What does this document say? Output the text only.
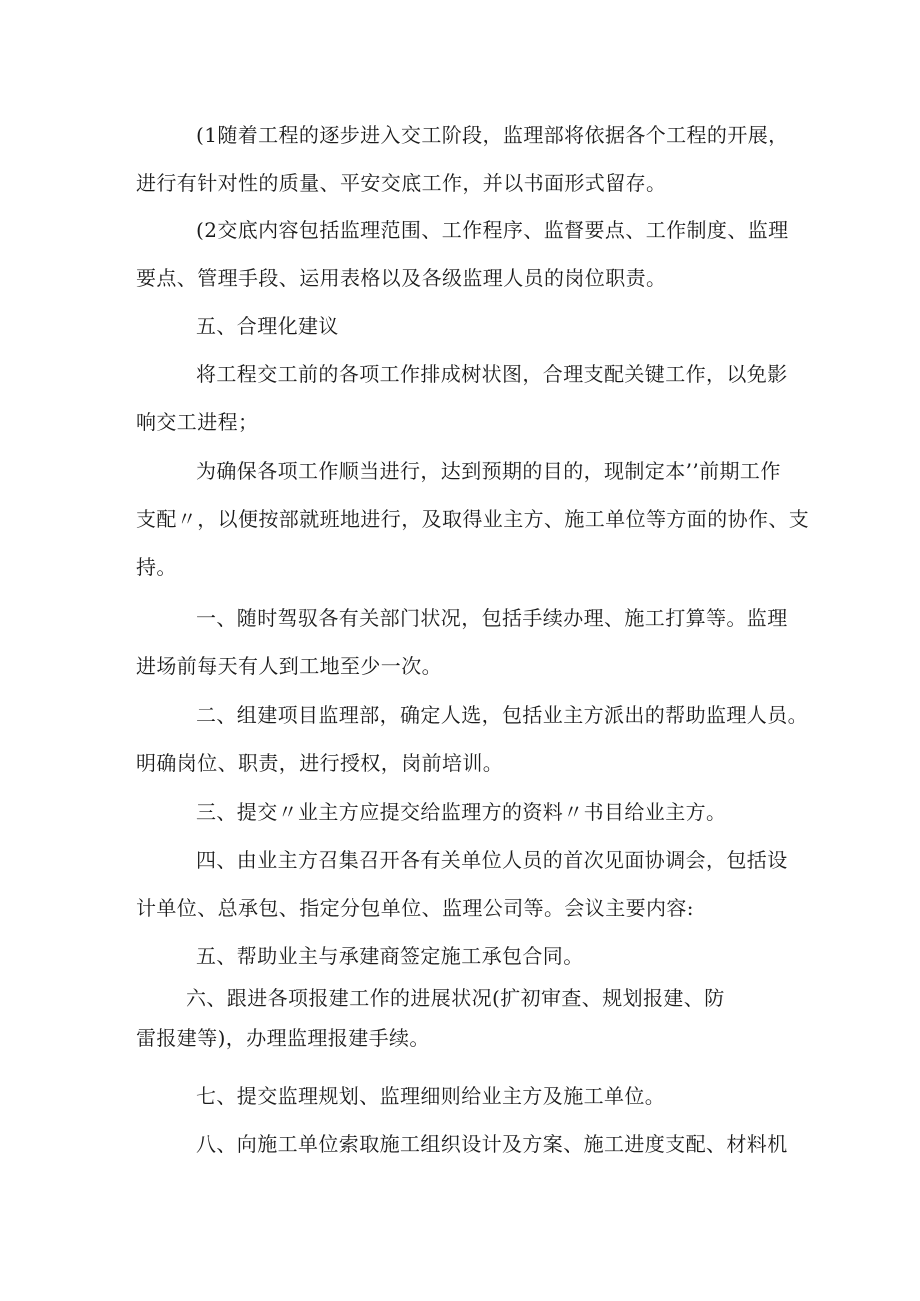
(1随着工程的逐步进入交工阶段，监理部将依据各个工程的开展，
进行有针对性的质量、平安交底工作，并以书面形式留存。

(2交底内容包括监理范围、工作程序、监督要点、工作制度、监理
要点、管理手段、运用表格以及各级监理人员的岗位职责。

五、合理化建议

将工程交工前的各项工作排成树状图，合理支配关键工作，以免影
响交工进程；

为确保各项工作顺当进行，达到预期的目的，现制定本’’前期工作
支配〃，以便按部就班地进行，及取得业主方、施工单位等方面的协作、支
持。

一、随时驾驭各有关部门状况，包括手续办理、施工打算等。监理
进场前每天有人到工地至少一次。

二、组建项目监理部，确定人选，包括业主方派出的帮助监理人员。
明确岗位、职责，进行授权，岗前培训。

三、提交〃业主方应提交给监理方的资料〃书目给业主方。

四、由业主方召集召开各有关单位人员的首次见面协调会，包括设
计单位、总承包、指定分包单位、监理公司等。会议主要内容:

五、帮助业主与承建商签定施工承包合同。

六、跟进各项报建工作的进展状况(扩初审查、规划报建、防
雷报建等)，办理监理报建手续。

七、提交监理规划、监理细则给业主方及施工单位。

八、向施工单位索取施工组织设计及方案、施工进度支配、材料机
